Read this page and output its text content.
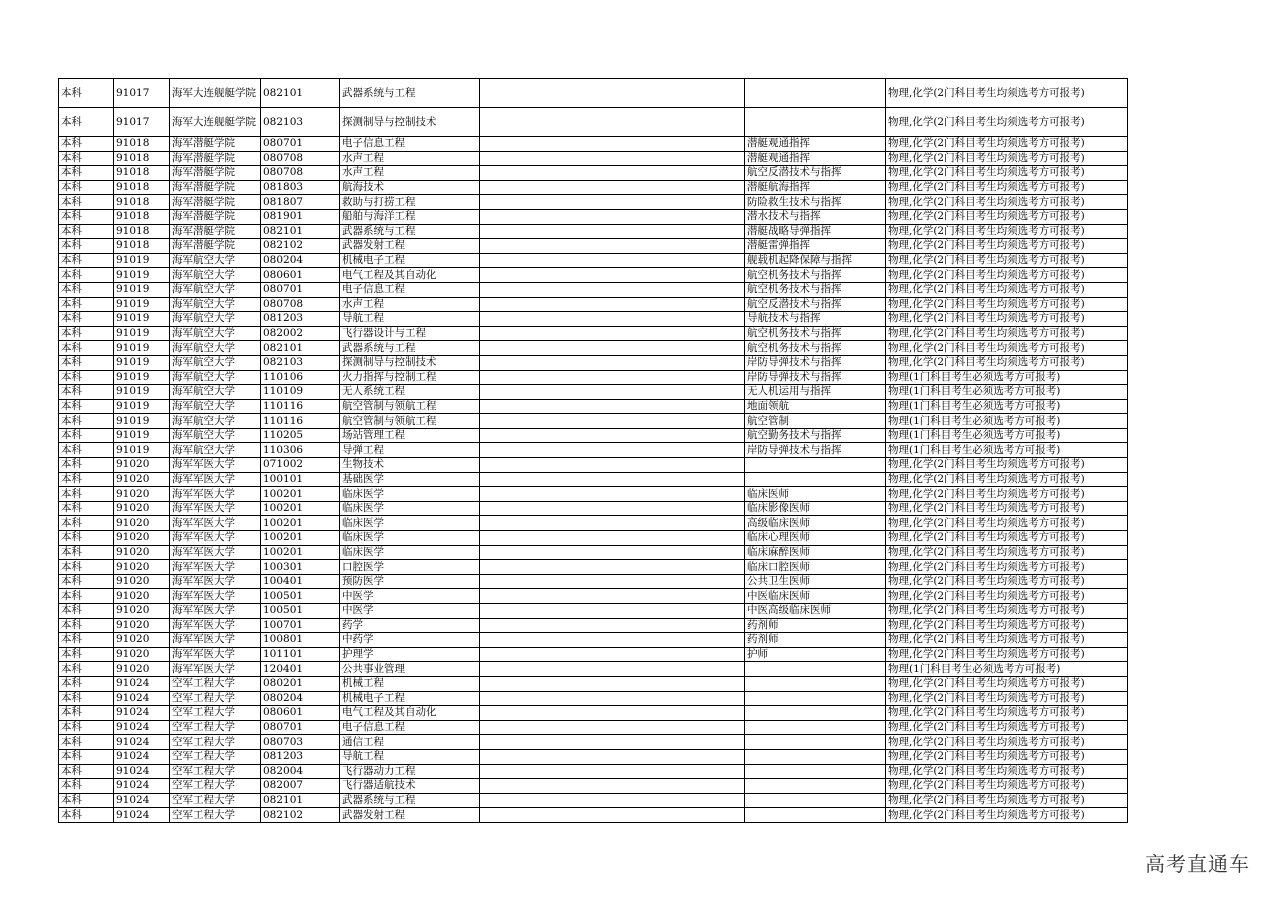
本科	91017	海军大连舰艇学院	082101	武器系统与工程			物理,化学(2门科目考生均须选考方可报考)
本科	91017	海军大连舰艇学院	082103	探测制导与控制技术			物理,化学(2门科目考生均须选考方可报考)
本科	91018	海军潜艇学院	080701	电子信息工程		潜艇观通指挥	物理,化学(2门科目考生均须选考方可报考)
本科	91018	海军潜艇学院	080708	水声工程		潜艇观通指挥	物理,化学(2门科目考生均须选考方可报考)
本科	91018	海军潜艇学院	080708	水声工程		航空反潜技术与指挥	物理,化学(2门科目考生均须选考方可报考)
本科	91018	海军潜艇学院	081803	航海技术		潜艇航海指挥	物理,化学(2门科目考生均须选考方可报考)
本科	91018	海军潜艇学院	081807	救助与打捞工程		防险救生技术与指挥	物理,化学(2门科目考生均须选考方可报考)
本科	91018	海军潜艇学院	081901	船舶与海洋工程		潜水技术与指挥	物理,化学(2门科目考生均须选考方可报考)
本科	91018	海军潜艇学院	082101	武器系统与工程		潜艇战略导弹指挥	物理,化学(2门科目考生均须选考方可报考)
本科	91018	海军潜艇学院	082102	武器发射工程		潜艇雷弹指挥	物理,化学(2门科目考生均须选考方可报考)
本科	91019	海军航空大学	080204	机械电子工程		舰载机起降保障与指挥	物理,化学(2门科目考生均须选考方可报考)
本科	91019	海军航空大学	080601	电气工程及其自动化		航空机务技术与指挥	物理,化学(2门科目考生均须选考方可报考)
本科	91019	海军航空大学	080701	电子信息工程		航空机务技术与指挥	物理,化学(2门科目考生均须选考方可报考)
本科	91019	海军航空大学	080708	水声工程		航空反潜技术与指挥	物理,化学(2门科目考生均须选考方可报考)
本科	91019	海军航空大学	081203	导航工程		导航技术与指挥	物理,化学(2门科目考生均须选考方可报考)
本科	91019	海军航空大学	082002	飞行器设计与工程		航空机务技术与指挥	物理,化学(2门科目考生均须选考方可报考)
本科	91019	海军航空大学	082101	武器系统与工程		航空机务技术与指挥	物理,化学(2门科目考生均须选考方可报考)
本科	91019	海军航空大学	082103	探测制导与控制技术		岸防导弹技术与指挥	物理,化学(2门科目考生均须选考方可报考)
本科	91019	海军航空大学	110106	火力指挥与控制工程		岸防导弹技术与指挥	物理(1门科目考生必须选考方可报考)
本科	91019	海军航空大学	110109	无人系统工程		无人机运用与指挥	物理(1门科目考生必须选考方可报考)
本科	91019	海军航空大学	110116	航空管制与领航工程		地面领航	物理(1门科目考生必须选考方可报考)
本科	91019	海军航空大学	110116	航空管制与领航工程		航空管制	物理(1门科目考生必须选考方可报考)
本科	91019	海军航空大学	110205	场站管理工程		航空勤务技术与指挥	物理(1门科目考生必须选考方可报考)
本科	91019	海军航空大学	110306	导弹工程		岸防导弹技术与指挥	物理(1门科目考生必须选考方可报考)
本科	91020	海军军医大学	071002	生物技术			物理,化学(2门科目考生均须选考方可报考)
本科	91020	海军军医大学	100101	基础医学			物理,化学(2门科目考生均须选考方可报考)
本科	91020	海军军医大学	100201	临床医学		临床医师	物理,化学(2门科目考生均须选考方可报考)
本科	91020	海军军医大学	100201	临床医学		临床影像医师	物理,化学(2门科目考生均须选考方可报考)
本科	91020	海军军医大学	100201	临床医学		高级临床医师	物理,化学(2门科目考生均须选考方可报考)
本科	91020	海军军医大学	100201	临床医学		临床心理医师	物理,化学(2门科目考生均须选考方可报考)
本科	91020	海军军医大学	100201	临床医学		临床麻醉医师	物理,化学(2门科目考生均须选考方可报考)
本科	91020	海军军医大学	100301	口腔医学		临床口腔医师	物理,化学(2门科目考生均须选考方可报考)
本科	91020	海军军医大学	100401	预防医学		公共卫生医师	物理,化学(2门科目考生均须选考方可报考)
本科	91020	海军军医大学	100501	中医学		中医临床医师	物理,化学(2门科目考生均须选考方可报考)
本科	91020	海军军医大学	100501	中医学		中医高级临床医师	物理,化学(2门科目考生均须选考方可报考)
本科	91020	海军军医大学	100701	药学		药剂师	物理,化学(2门科目考生均须选考方可报考)
本科	91020	海军军医大学	100801	中药学		药剂师	物理,化学(2门科目考生均须选考方可报考)
本科	91020	海军军医大学	101101	护理学		护师	物理,化学(2门科目考生均须选考方可报考)
本科	91020	海军军医大学	120401	公共事业管理			物理(1门科目考生必须选考方可报考)
本科	91024	空军工程大学	080201	机械工程			物理,化学(2门科目考生均须选考方可报考)
本科	91024	空军工程大学	080204	机械电子工程			物理,化学(2门科目考生均须选考方可报考)
本科	91024	空军工程大学	080601	电气工程及其自动化			物理,化学(2门科目考生均须选考方可报考)
本科	91024	空军工程大学	080701	电子信息工程			物理,化学(2门科目考生均须选考方可报考)
本科	91024	空军工程大学	080703	通信工程			物理,化学(2门科目考生均须选考方可报考)
本科	91024	空军工程大学	081203	导航工程			物理,化学(2门科目考生均须选考方可报考)
本科	91024	空军工程大学	082004	飞行器动力工程			物理,化学(2门科目考生均须选考方可报考)
本科	91024	空军工程大学	082007	飞行器适航技术			物理,化学(2门科目考生均须选考方可报考)
本科	91024	空军工程大学	082101	武器系统与工程			物理,化学(2门科目考生均须选考方可报考)
本科	91024	空军工程大学	082102	武器发射工程			物理,化学(2门科目考生均须选考方可报考)
高考直通车
